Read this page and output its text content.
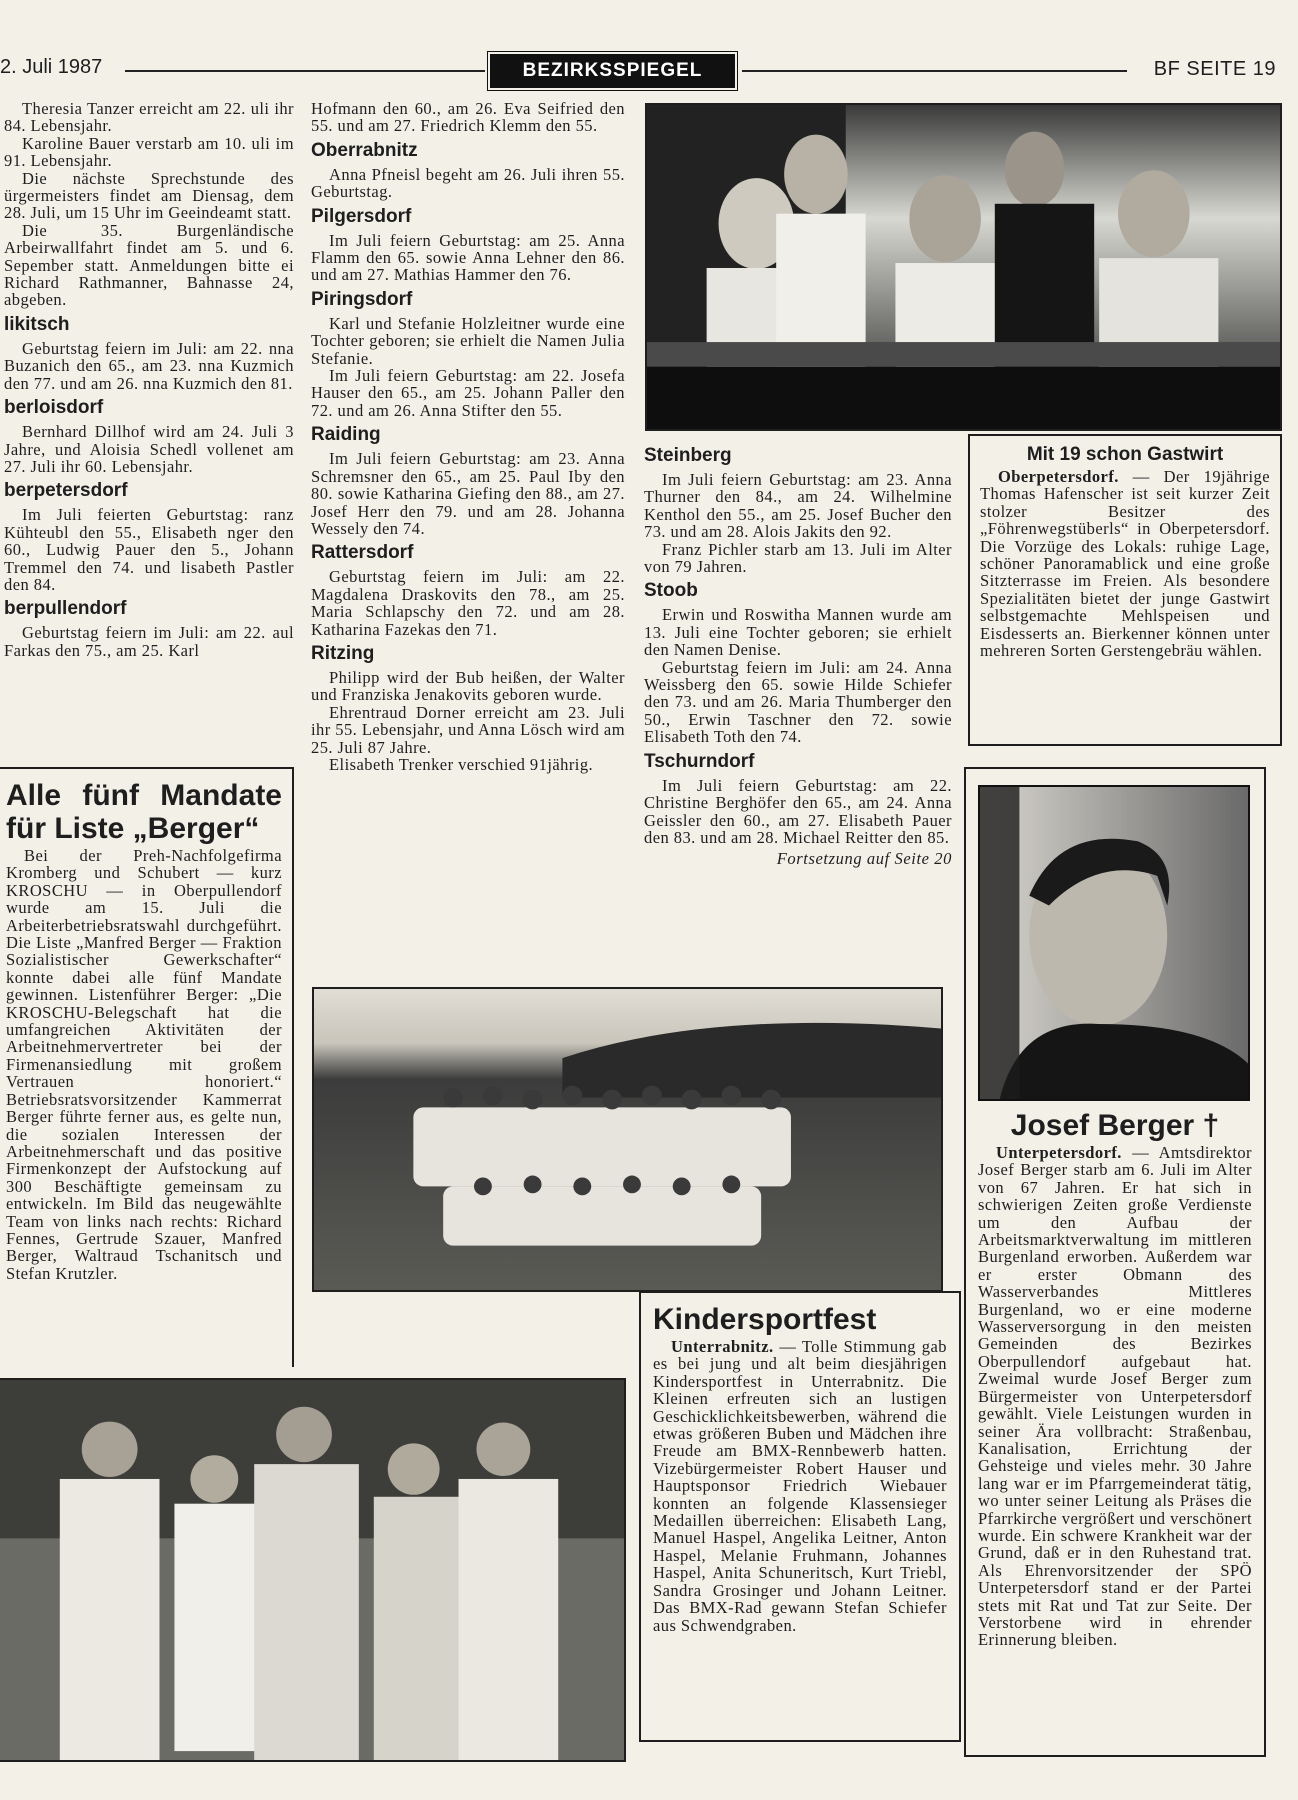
2. Juli 1987	BEZIRKSSPIEGEL	BF SEITE 19

Theresia Tanzer erreicht am 22. uli ihr 84. Lebensjahr.

Karoline Bauer verstarb am 10. uli im 91. Lebensjahr.

Die nächste Sprechstunde des ürgermeisters findet am Diensag, dem 28. Juli, um 15 Uhr im Geeindeamt statt.

Die 35. Burgenländische Arbeirwallfahrt findet am 5. und 6. Sepember statt. Anmeldungen bitte ei Richard Rathmanner, Bahnasse 24, abgeben.

likitsch

Geburtstag feiern im Juli: am 22. nna Buzanich den 65., am 23. nna Kuzmich den 77. und am 26. nna Kuzmich den 81.

berloisdorf

Bernhard Dillhof wird am 24. Juli 3 Jahre, und Aloisia Schedl vollenet am 27. Juli ihr 60. Lebensjahr.

berpetersdorf

Im Juli feierten Geburtstag: ranz Kühteubl den 55., Elisabeth nger den 60., Ludwig Pauer den 5., Johann Tremmel den 74. und lisabeth Pastler den 84.

berpullendorf

Geburtstag feiern im Juli: am 22. aul Farkas den 75., am 25. Karl

Alle fünf Mandate für Liste „Berger“

Bei der Preh-Nachfolgefirma Kromberg und Schubert — kurz KROSCHU — in Oberpullendorf wurde am 15. Juli die Arbeiterbetriebsratswahl durchgeführt. Die Liste „Manfred Berger — Fraktion Sozialistischer Gewerkschafter“ konnte dabei alle fünf Mandate gewinnen. Listenführer Berger: „Die KROSCHU-Belegschaft hat die umfangreichen Aktivitäten der Arbeitnehmervertreter bei der Firmenansiedlung mit großem Vertrauen honoriert.“ Betriebsratsvorsitzender Kammerrat Berger führte ferner aus, es gelte nun, die sozialen Interessen der Arbeitnehmerschaft und das positive Firmenkonzept der Aufstockung auf 300 Beschäftigte gemeinsam zu entwickeln. Im Bild das neugewählte Team von links nach rechts: Richard Fennes, Gertrude Szauer, Manfred Berger, Waltraud Tschanitsch und Stefan Krutzler.

Hofmann den 60., am 26. Eva Seifried den 55. und am 27. Friedrich Klemm den 55.

Oberrabnitz

Anna Pfneisl begeht am 26. Juli ihren 55. Geburtstag.

Pilgersdorf

Im Juli feiern Geburtstag: am 25. Anna Flamm den 65. sowie Anna Lehner den 86. und am 27. Mathias Hammer den 76.

Piringsdorf

Karl und Stefanie Holzleitner wurde eine Tochter geboren; sie erhielt die Namen Julia Stefanie.

Im Juli feiern Geburtstag: am 22. Josefa Hauser den 65., am 25. Johann Paller den 72. und am 26. Anna Stifter den 55.

Raiding

Im Juli feiern Geburtstag: am 23. Anna Schremsner den 65., am 25. Paul Iby den 80. sowie Katharina Giefing den 88., am 27. Josef Herr den 79. und am 28. Johanna Wessely den 74.

Rattersdorf

Geburtstag feiern im Juli: am 22. Magdalena Draskovits den 78., am 25. Maria Schlapschy den 72. und am 28. Katharina Fazekas den 71.

Ritzing

Philipp wird der Bub heißen, der Walter und Franziska Jenakovits geboren wurde.

Ehrentraud Dorner erreicht am 23. Juli ihr 55. Lebensjahr, und Anna Lösch wird am 25. Juli 87 Jahre.

Elisabeth Trenker verschied 91jährig.

Steinberg

Im Juli feiern Geburtstag: am 23. Anna Thurner den 84., am 24. Wilhelmine Kenthol den 55., am 25. Josef Bucher den 73. und am 28. Alois Jakits den 92.

Franz Pichler starb am 13. Juli im Alter von 79 Jahren.

Stoob

Erwin und Roswitha Mannen wurde am 13. Juli eine Tochter geboren; sie erhielt den Namen Denise.

Geburtstag feiern im Juli: am 24. Anna Weissberg den 65. sowie Hilde Schiefer den 73. und am 26. Maria Thumberger den 50., Erwin Taschner den 72. sowie Elisabeth Toth den 74.

Tschurndorf

Im Juli feiern Geburtstag: am 22. Christine Berghöfer den 65., am 24. Anna Geissler den 60., am 27. Elisabeth Pauer den 83. und am 28. Michael Reitter den 85.

Fortsetzung auf Seite 20
Mit 19 schon Gastwirt

Oberpetersdorf. — Der 19jährige Thomas Hafenscher ist seit kurzer Zeit stolzer Besitzer des „Föhrenwegstüberls“ in Oberpetersdorf. Die Vorzüge des Lokals: ruhige Lage, schöner Panoramablick und eine große Sitzterrasse im Freien. Als besondere Spezialitäten bietet der junge Gastwirt selbstgemachte Mehlspeisen und Eisdesserts an. Bierkenner können unter mehreren Sorten Gerstengebräu wählen.

Josef Berger †

Unterpetersdorf. — Amtsdirektor Josef Berger starb am 6. Juli im Alter von 67 Jahren. Er hat sich in schwierigen Zeiten große Verdienste um den Aufbau der Arbeitsmarktverwaltung im mittleren Burgenland erworben. Außerdem war er erster Obmann des Wasserverbandes Mittleres Burgenland, wo er eine moderne Wasserversorgung in den meisten Gemeinden des Bezirkes Oberpullendorf aufgebaut hat. Zweimal wurde Josef Berger zum Bürgermeister von Unterpetersdorf gewählt. Viele Leistungen wurden in seiner Ära vollbracht: Straßenbau, Kanalisation, Errichtung der Gehsteige und vieles mehr. 30 Jahre lang war er im Pfarrgemeinderat tätig, wo unter seiner Leitung als Präses die Pfarrkirche vergrößert und verschönert wurde. Ein schwere Krankheit war der Grund, daß er in den Ruhestand trat. Als Ehrenvorsitzender der SPÖ Unterpetersdorf stand er der Partei stets mit Rat und Tat zur Seite. Der Verstorbene wird in ehrender Erinnerung bleiben.

Kindersportfest

Unterrabnitz. — Tolle Stimmung gab es bei jung und alt beim diesjährigen Kindersportfest in Unterrabnitz. Die Kleinen erfreuten sich an lustigen Geschicklichkeitsbewerben, während die etwas größeren Buben und Mädchen ihre Freude am BMX-Rennbewerb hatten. Vizebürgermeister Robert Hauser und Hauptsponsor Friedrich Wiebauer konnten an folgende Klassensieger Medaillen überreichen: Elisabeth Lang, Manuel Haspel, Angelika Leitner, Anton Haspel, Melanie Fruhmann, Johannes Haspel, Anita Schuneritsch, Kurt Triebl, Sandra Grosinger und Johann Leitner. Das BMX-Rad gewann Stefan Schiefer aus Schwendgraben.
